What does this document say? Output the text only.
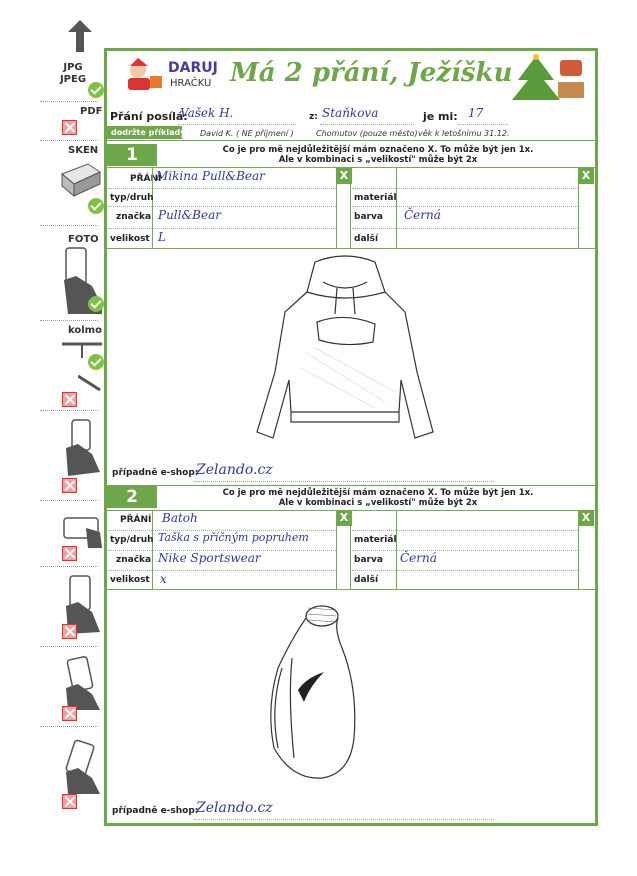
JPG
JPEG
PDF
SKEN
FOTO
kolmo
DARUJ
HRAČKU Má 2 přání, Ježíšku
Přání posílá:
Vašek H.	z: Staňkova	je mi: 17
dodržte příklady: David K. ( NE příjmení )	Chomutov (pouze město) věk k letošnímu 31.12.
1	Co je pro mě nejdůležitější mám označeno X. To může být jen 1x.
Ale v kombinaci s „velikostí" může být 2x
PŘÁNÍ
Mikina Pull&Bear	X	X
typ/druh	materiál
značka Pull&Bear	barva Černá
velikost L	další
případně e-shop:
Zelando.cz
2	Co je pro mě nejdůležitější mám označeno X. To může být jen 1x.
Ale v kombinaci s „velikostí" může být 2x
PŘÁNÍ Batoh	X	X
typ/druh Taška s příčným popruhem	materiál
značka Nike Sportswear	barva Černá
velikost x	další
případně e-shop:
Zelando.cz
